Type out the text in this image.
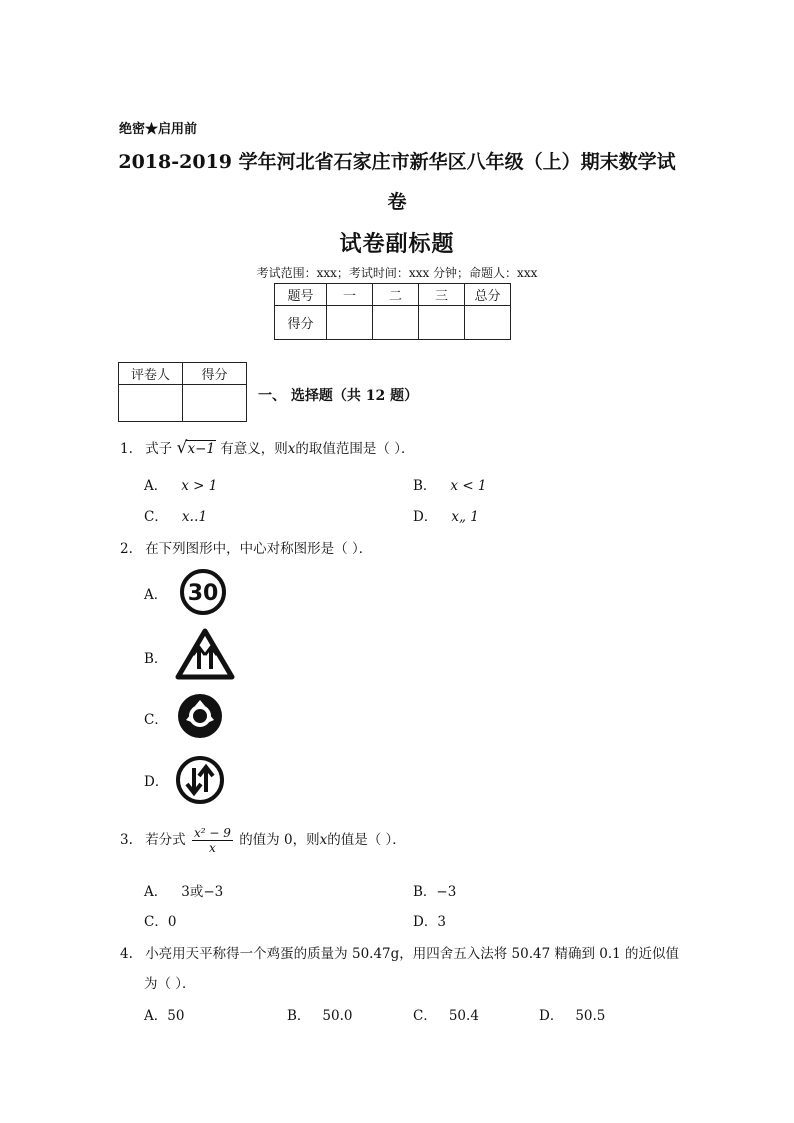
绝密★启用前
2018-2019 学年河北省石家庄市新华区八年级（上）期末数学试
卷
试卷副标题
考试范围：xxx；考试时间：xxx 分钟；命题人：xxx
题号	一	二	三	总分
得分				
评卷人	得分

一、 选择题（共 12 题）
1. 式子 √ x−1 有意义，则x的取值范围是（ ）．
A． x > 1	B． x < 1
C． x‥1	D． x„ 1
2. 在下列图形中，中心对称图形是（ ）．
A． 30
B．
C．
D．
3. 若分式 $\frac{\text{x² − 9}}{x}$ 的值为 0，则x的值是（ ）．
A． 3或−3	B．−3
C．0	D．3
4. 小亮用天平称得一个鸡蛋的质量为 50.47g，用四舍五入法将 50.47 精确到 0.1 的近似值
为（ ）．
A．50	B． 50.0	C． 50.4	D． 50.5
